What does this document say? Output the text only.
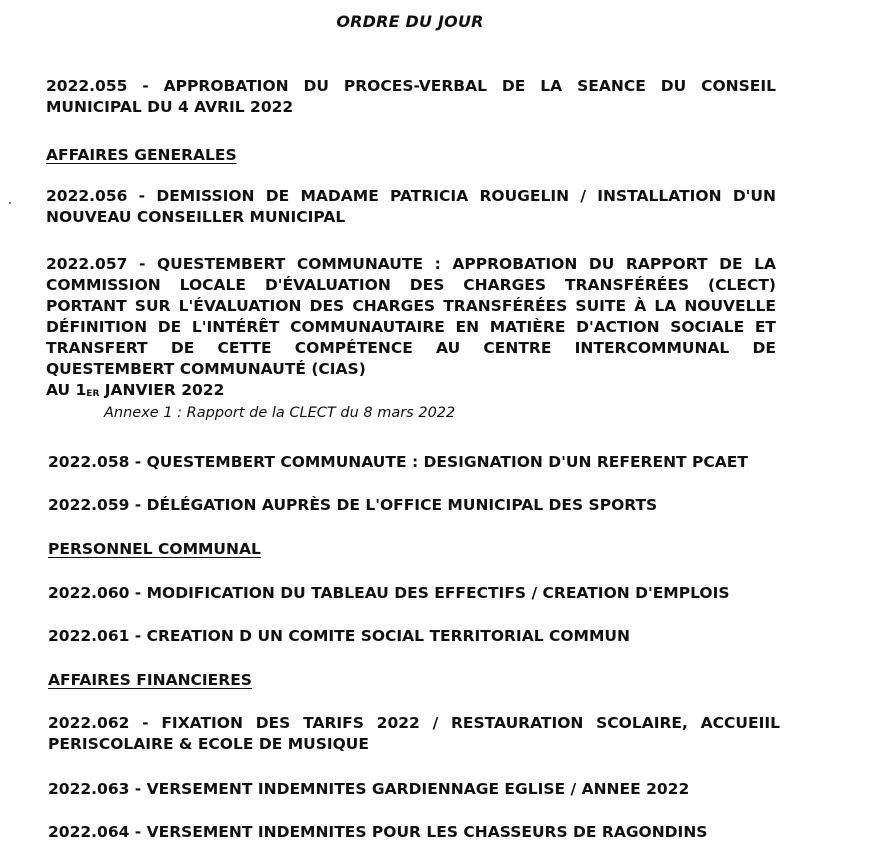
ORDRE DU JOUR
2022.055 - APPROBATION DU PROCES-VERBAL DE LA SEANCE DU CONSEIL MUNICIPAL DU 4 AVRIL 2022
AFFAIRES GENERALES
2022.056 - DEMISSION DE MADAME PATRICIA ROUGELIN / INSTALLATION D'UN NOUVEAU CONSEILLER MUNICIPAL
2022.057 - QUESTEMBERT COMMUNAUTE : APPROBATION DU RAPPORT DE LA COMMISSION LOCALE D'ÉVALUATION DES CHARGES TRANSFÉRÉES (CLECT) PORTANT SUR L'ÉVALUATION DES CHARGES TRANSFÉRÉES SUITE À LA NOUVELLE DÉFINITION DE L'INTÉRÊT COMMUNAUTAIRE EN MATIÈRE D'ACTION SOCIALE ET TRANSFERT DE CETTE COMPÉTENCE AU CENTRE INTERCOMMUNAL DE QUESTEMBERT COMMUNAUTÉ (CIAS)
AU $1_{ER}$ JANVIER 2022
Annexe 1 : Rapport de la CLECT du 8 mars 2022
2022.058 - QUESTEMBERT COMMUNAUTE : DESIGNATION D'UN REFERENT PCAET
2022.059 - DÉLÉGATION AUPRÈS DE L'OFFICE MUNICIPAL DES SPORTS
PERSONNEL COMMUNAL
2022.060 - MODIFICATION DU TABLEAU DES EFFECTIFS / CREATION D'EMPLOIS
2022.061 - CREATION D UN COMITE SOCIAL TERRITORIAL COMMUN
AFFAIRES FINANCIERES
2022.062 - FIXATION DES TARIFS 2022 / RESTAURATION SCOLAIRE, ACCUEIIL PERISCOLAIRE & ECOLE DE MUSIQUE
2022.063 - VERSEMENT INDEMNITES GARDIENNAGE EGLISE / ANNEE 2022
2022.064 - VERSEMENT INDEMNITES POUR LES CHASSEURS DE RAGONDINS
